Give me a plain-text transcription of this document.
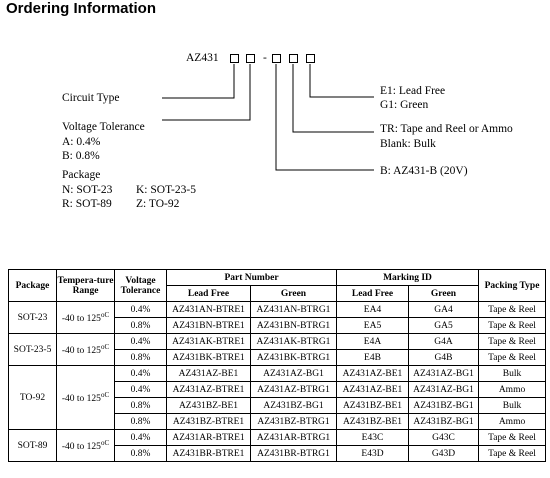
Ordering Information
AZ431	-
Circuit Type
Voltage Tolerance
A: 0.4%
B: 0.8%
Package
N: SOT-23 K: SOT-23-5
R: SOT-89 Z: TO-92
E1: Lead Free
G1: Green
TR: Tape and Reel or Ammo
Blank: Bulk
B: AZ431-B (20V)
Package	Tempera-ture Range	Voltage Tolerance	Part Number		Marking ID		Packing Type
			Lead Free	Green	Lead Free	Green	
SOT-23	-40 to $125^{oC}$	0.4%	AZ431AN-BTRE1	AZ431AN-BTRG1	EA4	GA4	Tape & Reel
		0.8%	AZ431BN-BTRE1	AZ431BN-BTRG1	EA5	GA5	Tape & Reel
SOT-23-5	-40 to $125^{oC}$	0.4%	AZ431AK-BTRE1	AZ431AK-BTRG1	E4A	G4A	Tape & Reel
		0.8%	AZ431BK-BTRE1	AZ431BK-BTRG1	E4B	G4B	Tape & Reel
TO-92	-40 to $125^{oC}$	0.4%	AZ431AZ-BE1	AZ431AZ-BG1	AZ431AZ-BE1	AZ431AZ-BG1	Bulk
		0.4%	AZ431AZ-BTRE1	AZ431AZ-BTRG1	AZ431AZ-BE1	AZ431AZ-BG1	Ammo
		0.8%	AZ431BZ-BE1	AZ431BZ-BG1	AZ431BZ-BE1	AZ431BZ-BG1	Bulk
		0.8%	AZ431BZ-BTRE1	AZ431BZ-BTRG1	AZ431BZ-BE1	AZ431BZ-BG1	Ammo
SOT-89	-40 to $125^{oC}$	0.4%	AZ431AR-BTRE1	AZ431AR-BTRG1	E43C	G43C	Tape & Reel
		0.8%	AZ431BR-BTRE1	AZ431BR-BTRG1	E43D	G43D	Tape & Reel
